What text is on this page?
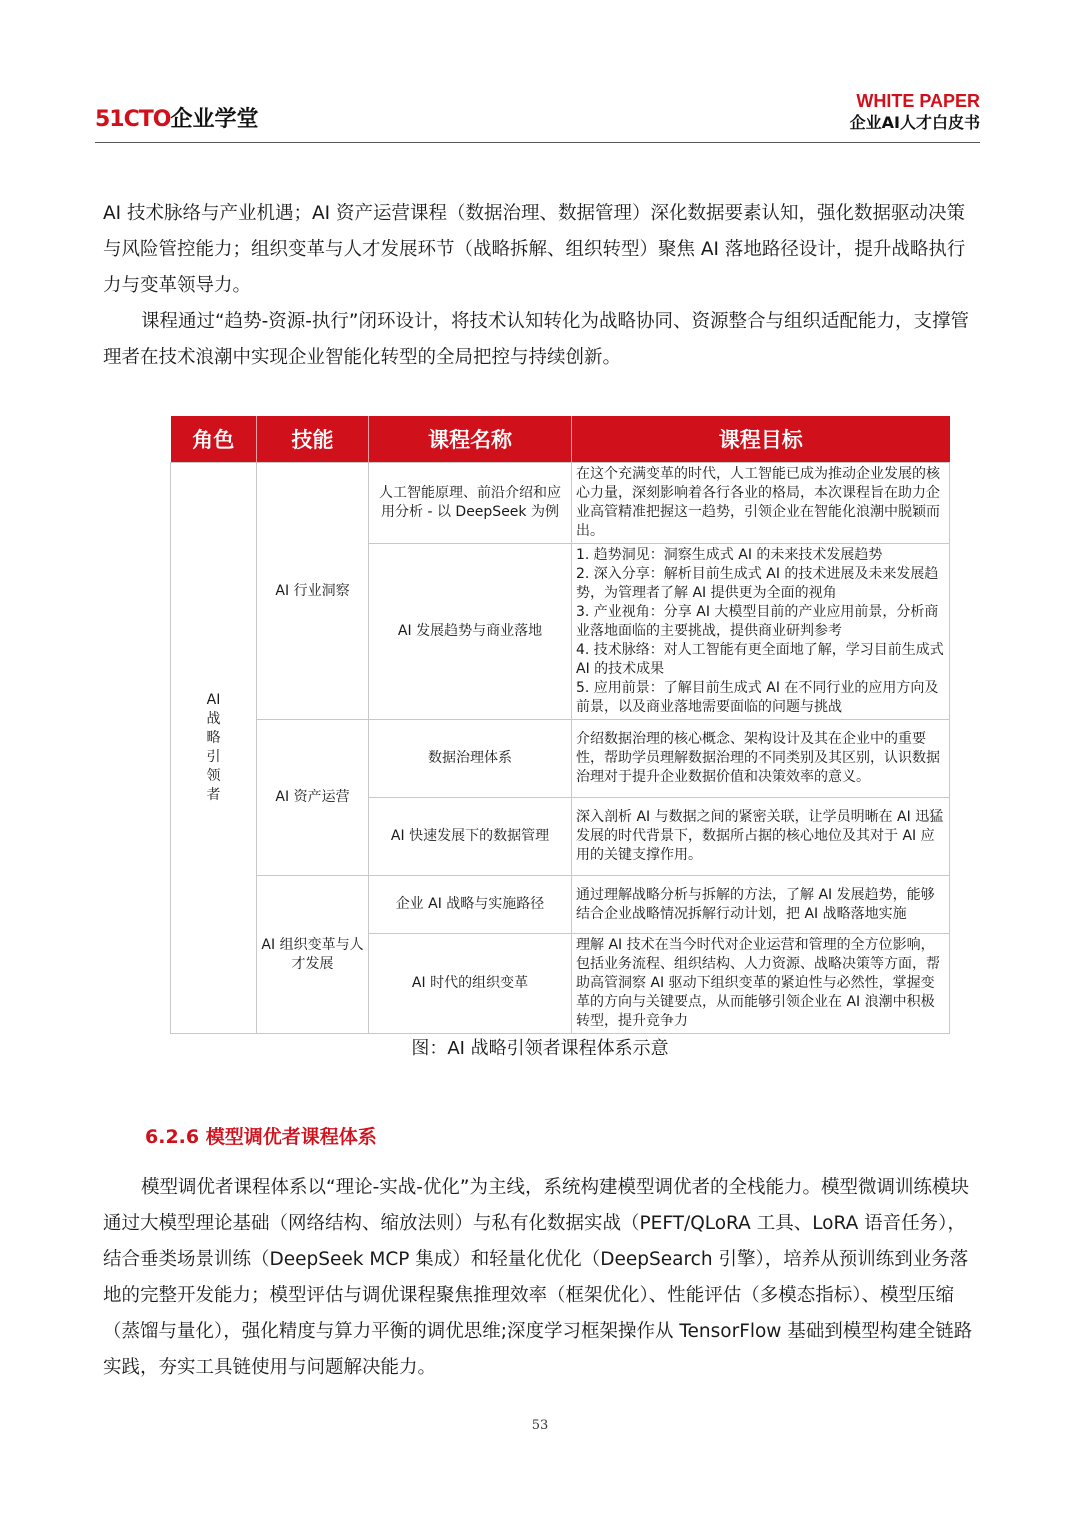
51CTO企业学堂
WHITE PAPER
企业AI人才白皮书
AI 技术脉络与产业机遇；AI 资产运营课程（数据治理、数据管理）深化数据要素认知，强化数据驱动决策与风险管控能力；组织变革与人才发展环节（战略拆解、组织转型）聚焦 AI 落地路径设计，提升战略执行力与变革领导力。
课程通过“趋势-资源-执行”闭环设计，将技术认知转化为战略协同、资源整合与组织适配能力，支撑管理者在技术浪潮中实现企业智能化转型的全局把控与持续创新。
角色	技能	课程名称	课程目标
AI战略引领者	AI 行业洞察	人工智能原理、前沿介绍和应用分析 - 以 DeepSeek 为例	在这个充满变革的时代，人工智能已成为推动企业发展的核心力量，深刻影响着各行各业的格局，本次课程旨在助力企业高管精准把握这一趋势，引领企业在智能化浪潮中脱颖而出。
		AI 发展趋势与商业落地	1. 趋势洞见：洞察生成式 AI 的未来技术发展趋势
2. 深入分享：解析目前生成式 AI 的技术进展及未来发展趋势，为管理者了解 AI 提供更为全面的视角
3. 产业视角：分享 AI 大模型目前的产业应用前景，分析商业落地面临的主要挑战，提供商业研判参考
4. 技术脉络：对人工智能有更全面地了解，学习目前生成式 AI 的技术成果
5. 应用前景：了解目前生成式 AI 在不同行业的应用方向及前景，以及商业落地需要面临的问题与挑战
	AI 资产运营	数据治理体系	介绍数据治理的核心概念、架构设计及其在企业中的重要性，帮助学员理解数据治理的不同类别及其区别，认识数据治理对于提升企业数据价值和决策效率的意义。
		AI 快速发展下的数据管理	深入剖析 AI 与数据之间的紧密关联，让学员明晰在 AI 迅猛发展的时代背景下，数据所占据的核心地位及其对于 AI 应用的关键支撑作用。
	AI 组织变革与人才发展	企业 AI 战略与实施路径	通过理解战略分析与拆解的方法，了解 AI 发展趋势，能够结合企业战略情况拆解行动计划，把 AI 战略落地实施
		AI 时代的组织变革	理解 AI 技术在当今时代对企业运营和管理的全方位影响，包括业务流程、组织结构、人力资源、战略决策等方面，帮助高管洞察 AI 驱动下组织变革的紧迫性与必然性，掌握变革的方向与关键要点，从而能够引领企业在 AI 浪潮中积极转型，提升竞争力
图：AI 战略引领者课程体系示意
6.2.6 模型调优者课程体系
模型调优者课程体系以“理论-实战-优化”为主线，系统构建模型调优者的全栈能力。模型微调训练模块通过大模型理论基础（网络结构、缩放法则）与私有化数据实战（PEFT/QLoRA 工具、LoRA 语音任务），结合垂类场景训练（DeepSeek MCP 集成）和轻量化优化（DeepSearch 引擎），培养从预训练到业务落地的完整开发能力；模型评估与调优课程聚焦推理效率（框架优化）、性能评估（多模态指标）、模型压缩（蒸馏与量化），强化精度与算力平衡的调优思维;深度学习框架操作从 TensorFlow 基础到模型构建全链路实践，夯实工具链使用与问题解决能力。
53
